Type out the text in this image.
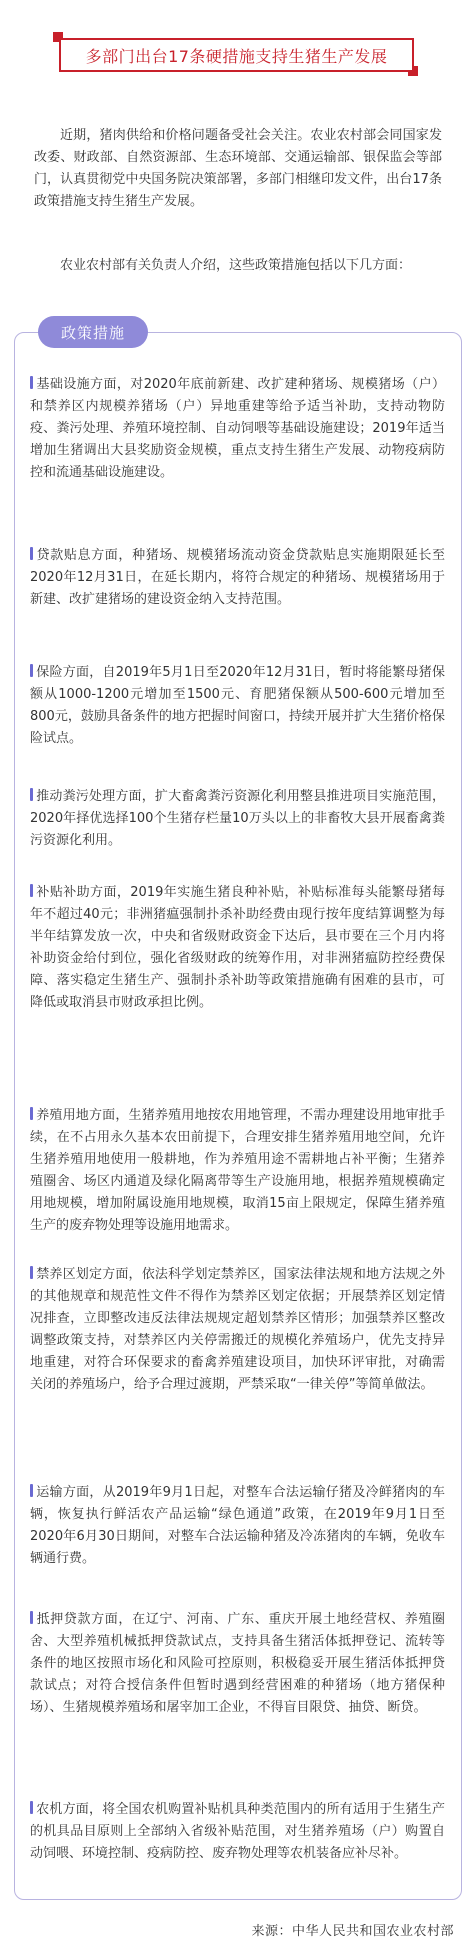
多部门出台17条硬措施支持生猪生产发展

近期，猪肉供给和价格问题备受社会关注。农业农村部会同国家发改委、财政部、自然资源部、生态环境部、交通运输部、银保监会等部门，认真贯彻党中央国务院决策部署，多部门相继印发文件，出台17条政策措施支持生猪生产发展。

农业农村部有关负责人介绍，这些政策措施包括以下几方面：

政策措施

基础设施方面，对2020年底前新建、改扩建种猪场、规模猪场（户）和禁养区内规模养猪场（户）异地重建等给予适当补助，支持动物防疫、粪污处理、养殖环境控制、自动饲喂等基础设施建设；2019年适当增加生猪调出大县奖励资金规模，重点支持生猪生产发展、动物疫病防控和流通基础设施建设。

贷款贴息方面，种猪场、规模猪场流动资金贷款贴息实施期限延长至2020年12月31日，在延长期内，将符合规定的种猪场、规模猪场用于新建、改扩建猪场的建设资金纳入支持范围。

保险方面，自2019年5月1日至2020年12月31日，暂时将能繁母猪保额从1000-1200元增加至1500元、育肥猪保额从500-600元增加至800元，鼓励具备条件的地方把握时间窗口，持续开展并扩大生猪价格保险试点。

推动粪污处理方面，扩大畜禽粪污资源化利用整县推进项目实施范围，2020年择优选择100个生猪存栏量10万头以上的非畜牧大县开展畜禽粪污资源化利用。

补贴补助方面，2019年实施生猪良种补贴，补贴标准每头能繁母猪每年不超过40元；非洲猪瘟强制扑杀补助经费由现行按年度结算调整为每半年结算发放一次，中央和省级财政资金下达后，县市要在三个月内将补助资金给付到位，强化省级财政的统筹作用，对非洲猪瘟防控经费保障、落实稳定生猪生产、强制扑杀补助等政策措施确有困难的县市，可降低或取消县市财政承担比例。

养殖用地方面，生猪养殖用地按农用地管理，不需办理建设用地审批手续，在不占用永久基本农田前提下，合理安排生猪养殖用地空间，允许生猪养殖用地使用一般耕地，作为养殖用途不需耕地占补平衡；生猪养殖圈舍、场区内通道及绿化隔离带等生产设施用地，根据养殖规模确定用地规模，增加附属设施用地规模，取消15亩上限规定，保障生猪养殖生产的废弃物处理等设施用地需求。

禁养区划定方面，依法科学划定禁养区，国家法律法规和地方法规之外的其他规章和规范性文件不得作为禁养区划定依据；开展禁养区划定情况排查，立即整改违反法律法规规定超划禁养区情形；加强禁养区整改调整政策支持，对禁养区内关停需搬迁的规模化养殖场户，优先支持异地重建，对符合环保要求的畜禽养殖建设项目，加快环评审批，对确需关闭的养殖场户，给予合理过渡期，严禁采取“一律关停”等简单做法。

运输方面，从2019年9月1日起，对整车合法运输仔猪及冷鲜猪肉的车辆，恢复执行鲜活农产品运输“绿色通道”政策，在2019年9月1日至2020年6月30日期间，对整车合法运输种猪及冷冻猪肉的车辆，免收车辆通行费。

抵押贷款方面，在辽宁、河南、广东、重庆开展土地经营权、养殖圈舍、大型养殖机械抵押贷款试点，支持具备生猪活体抵押登记、流转等条件的地区按照市场化和风险可控原则，积极稳妥开展生猪活体抵押贷款试点；对符合授信条件但暂时遇到经营困难的种猪场（地方猪保种场）、生猪规模养殖场和屠宰加工企业，不得盲目限贷、抽贷、断贷。

农机方面，将全国农机购置补贴机具种类范围内的所有适用于生猪生产的机具品目原则上全部纳入省级补贴范围，对生猪养殖场（户）购置自动饲喂、环境控制、疫病防控、废弃物处理等农机装备应补尽补。

来源：中华人民共和国农业农村部
